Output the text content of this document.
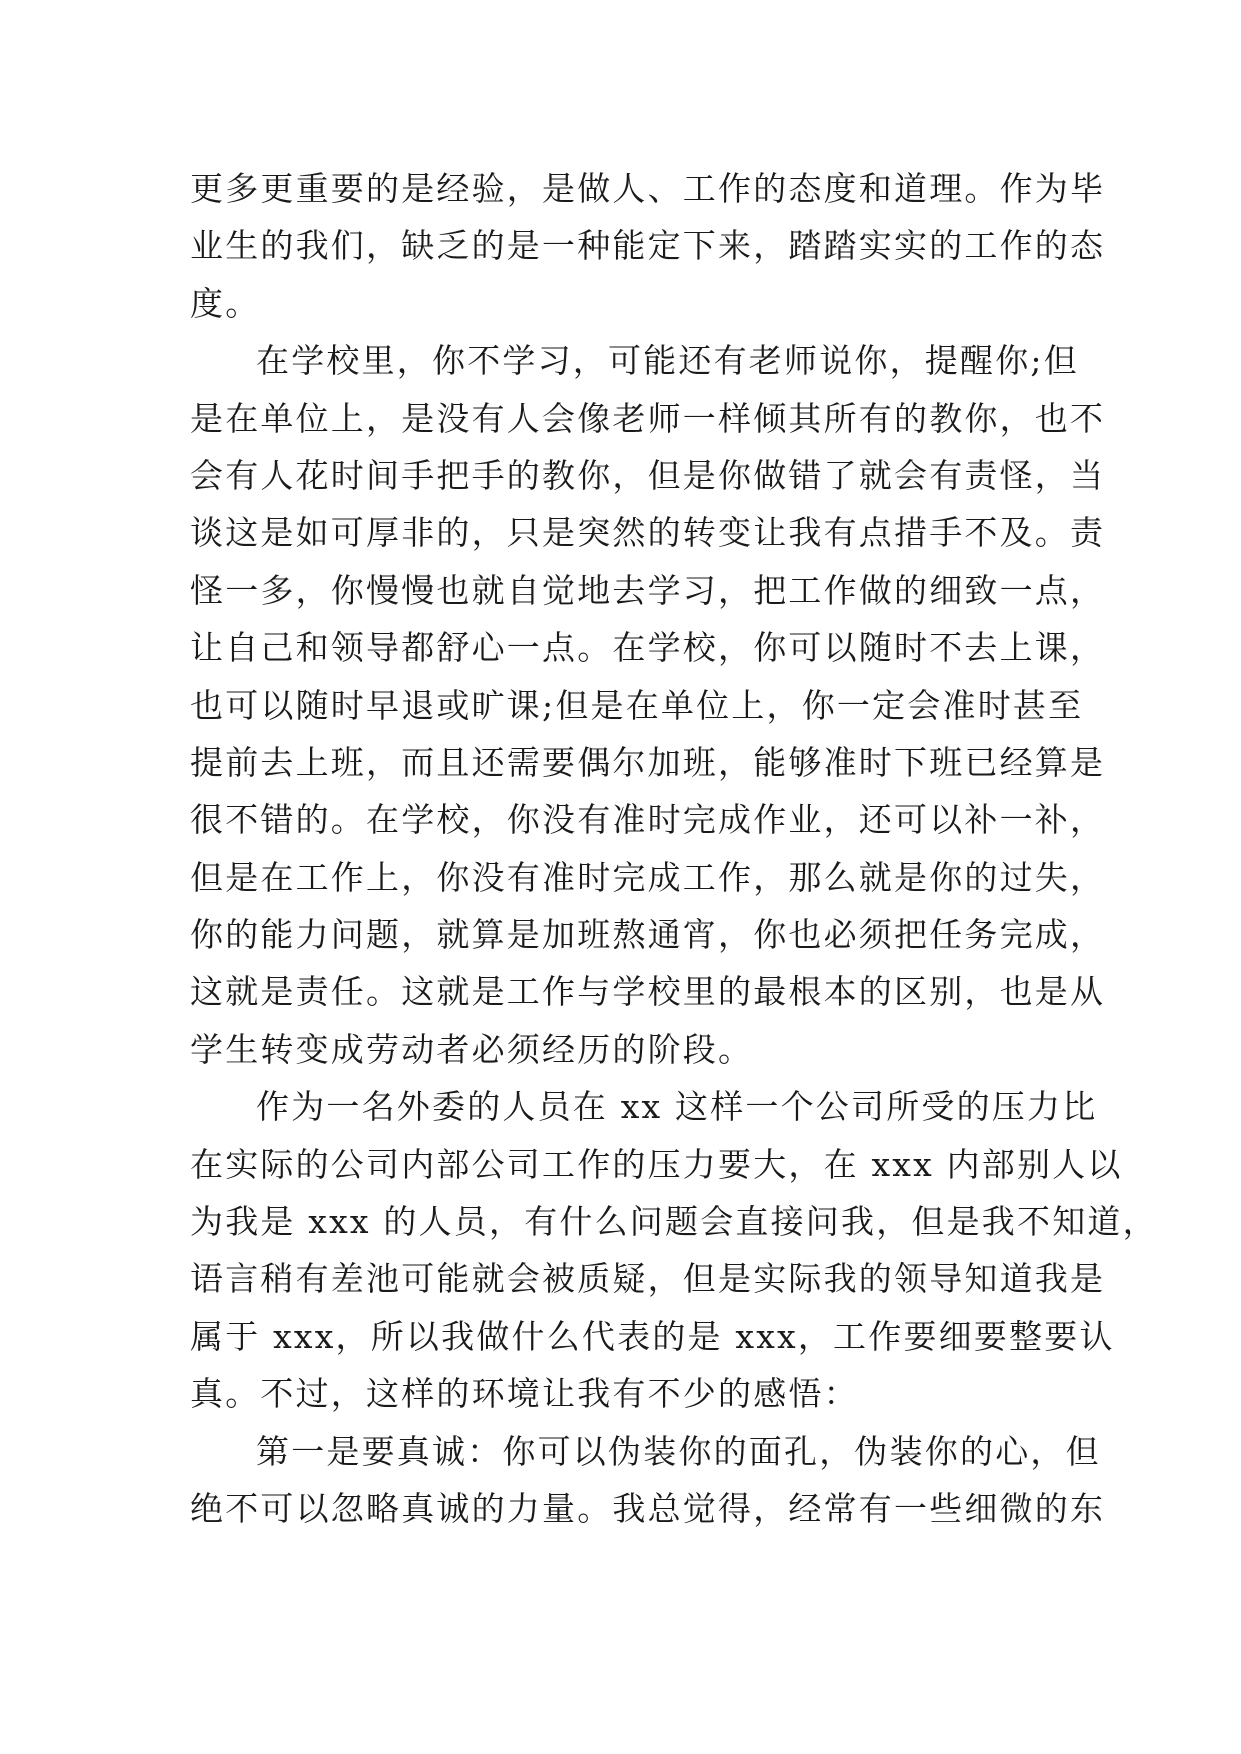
更多更重要的是经验，是做人、工作的态度和道理。作为毕
业生的我们，缺乏的是一种能定下来，踏踏实实的工作的态
度。
在学校里，你不学习，可能还有老师说你，提醒你;但
是在单位上，是没有人会像老师一样倾其所有的教你，也不
会有人花时间手把手的教你，但是你做错了就会有责怪，当
谈这是如可厚非的，只是突然的转变让我有点措手不及。责
怪一多，你慢慢也就自觉地去学习，把工作做的细致一点，
让自己和领导都舒心一点。在学校，你可以随时不去上课，
也可以随时早退或旷课;但是在单位上，你一定会准时甚至
提前去上班，而且还需要偶尔加班，能够准时下班已经算是
很不错的。在学校，你没有准时完成作业，还可以补一补，
但是在工作上，你没有准时完成工作，那么就是你的过失，
你的能力问题，就算是加班熬通宵，你也必须把任务完成，
这就是责任。这就是工作与学校里的最根本的区别，也是从
学生转变成劳动者必须经历的阶段。
作为一名外委的人员在 xx 这样一个公司所受的压力比
在实际的公司内部公司工作的压力要大，在 xxx 内部别人以
为我是 xxx 的人员，有什么问题会直接问我，但是我不知道，
语言稍有差池可能就会被质疑，但是实际我的领导知道我是
属于 xxx，所以我做什么代表的是 xxx，工作要细要整要认
真。不过，这样的环境让我有不少的感悟：
第一是要真诚：你可以伪装你的面孔，伪装你的心，但
绝不可以忽略真诚的力量。我总觉得，经常有一些细微的东
